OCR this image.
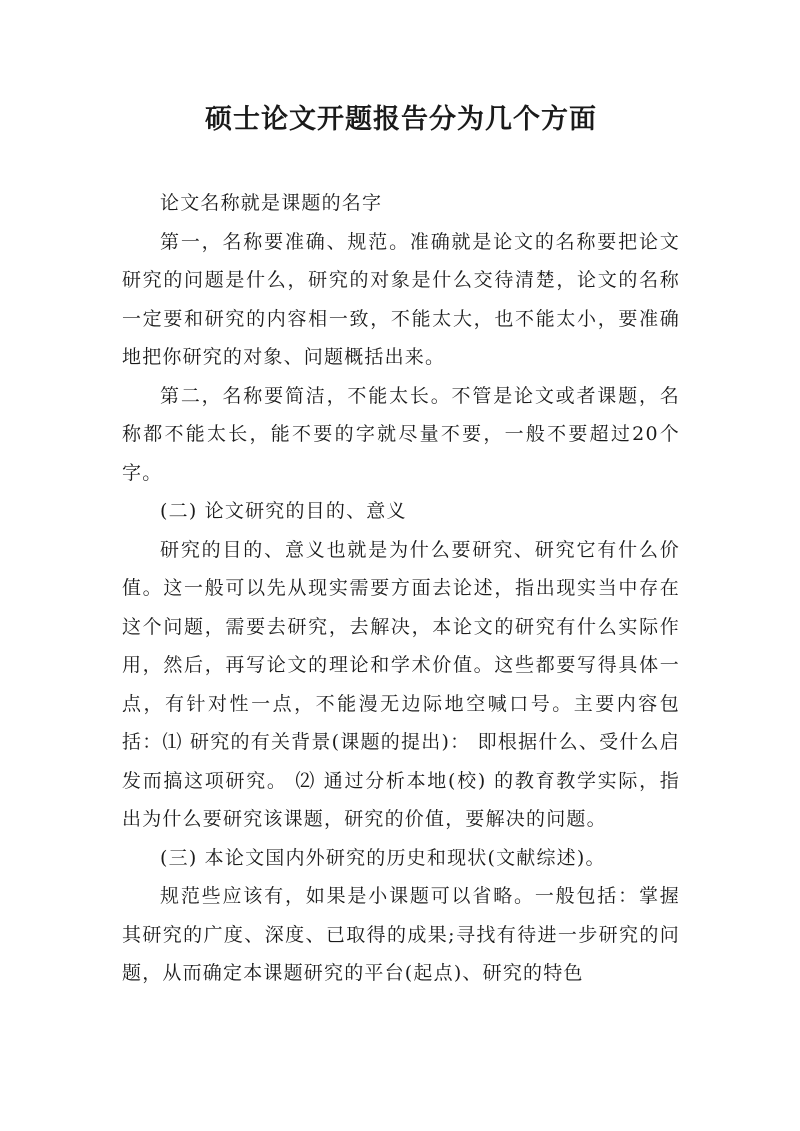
硕士论文开题报告分为几个方面

论文名称就是课题的名字

第一，名称要准确、规范。准确就是论文的名称要把论文研究的问题是什么，研究的对象是什么交待清楚，论文的名称一定要和研究的内容相一致，不能太大，也不能太小，要准确地把你研究的对象、问题概括出来。

第二，名称要简洁，不能太长。不管是论文或者课题，名称都不能太长，能不要的字就尽量不要，一般不要超过20个字。

(二) 论文研究的目的、意义

研究的目的、意义也就是为什么要研究、研究它有什么价值。这一般可以先从现实需要方面去论述，指出现实当中存在这个问题，需要去研究，去解决，本论文的研究有什么实际作用，然后，再写论文的理论和学术价值。这些都要写得具体一点，有针对性一点，不能漫无边际地空喊口号。主要内容包括：⑴ 研究的有关背景(课题的提出)： 即根据什么、受什么启发而搞这项研究。 ⑵ 通过分析本地(校) 的教育教学实际，指出为什么要研究该课题，研究的价值，要解决的问题。

(三) 本论文国内外研究的历史和现状(文献综述)。

规范些应该有，如果是小课题可以省略。一般包括：掌握其研究的广度、深度、已取得的成果;寻找有待进一步研究的问题，从而确定本课题研究的平台(起点)、研究的特色
